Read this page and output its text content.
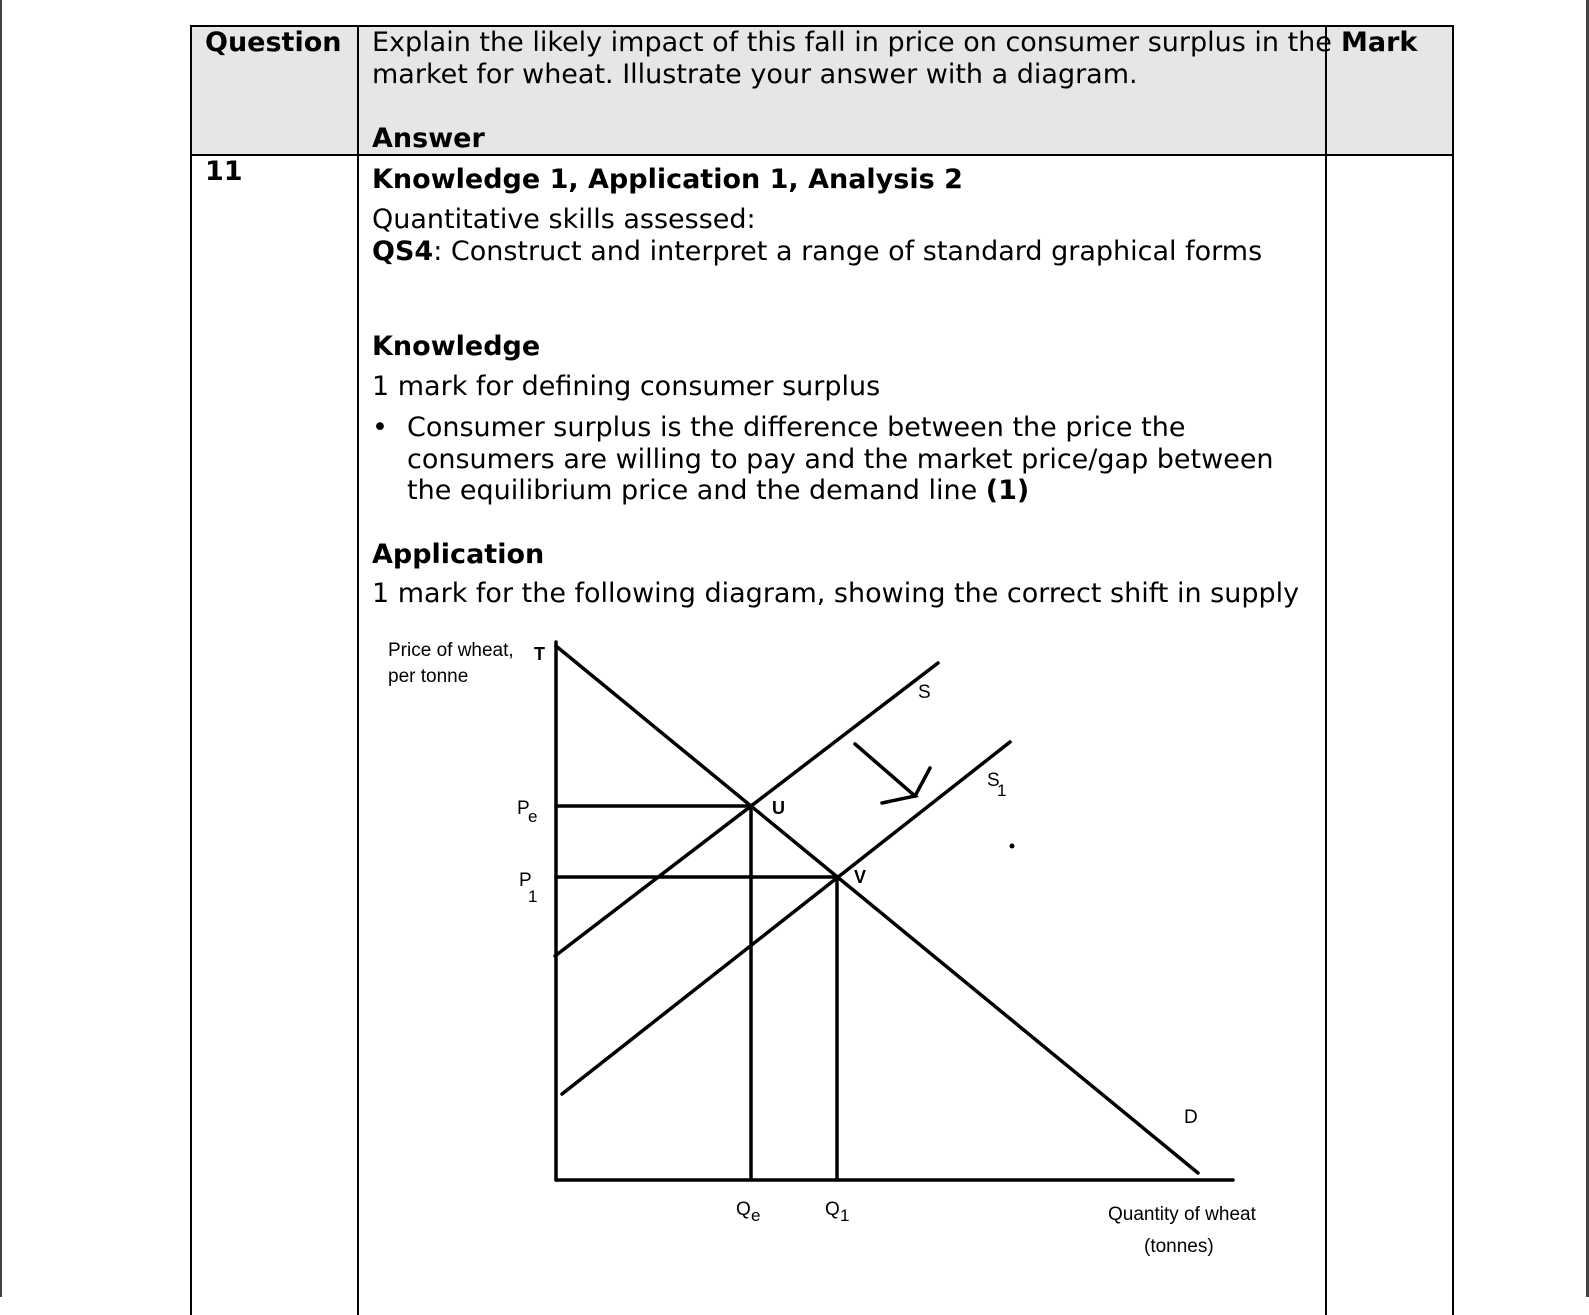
Question Explain the likely impact of this fall in price on consumer surplus in the
market for wheat. Illustrate your answer with a diagram.
Answer
Mark
11	Knowledge 1, Application 1, Analysis 2
Quantitative skills assessed:
QS4: Construct and interpret a range of standard graphical forms
Knowledge
1 mark for defining consumer surplus
• Consumer surplus is the difference between the price the
consumers are willing to pay and the market price/gap between
the equilibrium price and the demand line (1)
Application
1 mark for the following diagram, showing the correct shift in supply
Price of wheat,
per tonne
T
U
V
P
e
P
1
Q e	Q 1
S
S
1
D
Quantity of wheat
(tonnes)
